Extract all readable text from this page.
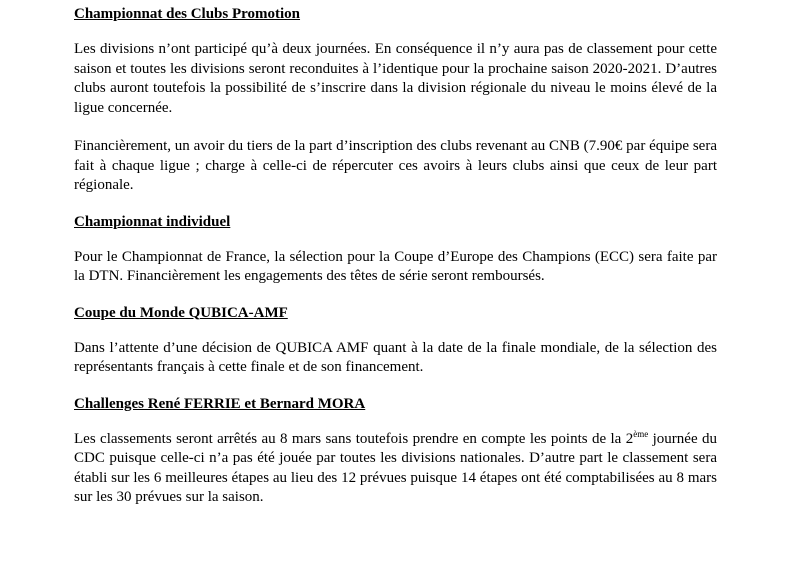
Championnat des Clubs Promotion

Les divisions n’ont participé qu’à deux journées. En conséquence il n’y aura pas de classement pour cette saison et toutes les divisions seront reconduites à l’identique pour la prochaine saison 2020-2021. D’autres clubs auront toutefois la possibilité de s’inscrire dans la division régionale du niveau le moins élevé de la ligue concernée.

Financièrement, un avoir du tiers de la part d’inscription des clubs revenant au CNB (7.90€ par équipe sera fait à chaque ligue ; charge à celle-ci de répercuter ces avoirs à leurs clubs ainsi que ceux de leur part régionale.

Championnat individuel

Pour le Championnat de France, la sélection pour la Coupe d’Europe des Champions (ECC) sera faite par la DTN. Financièrement les engagements des têtes de série seront remboursés.

Coupe du Monde QUBICA-AMF

Dans l’attente d’une décision de QUBICA AMF quant à la date de la finale mondiale, de la sélection des représentants français à cette finale et de son financement.

Challenges René FERRIE et Bernard MORA

Les classements seront arrêtés au 8 mars sans toutefois prendre en compte les points de la 2ème journée du CDC puisque celle-ci n’a pas été jouée par toutes les divisions nationales. D’autre part le classement sera établi sur les 6 meilleures étapes au lieu des 12 prévues puisque 14 étapes ont été comptabilisées au 8 mars sur les 30 prévues sur la saison.
